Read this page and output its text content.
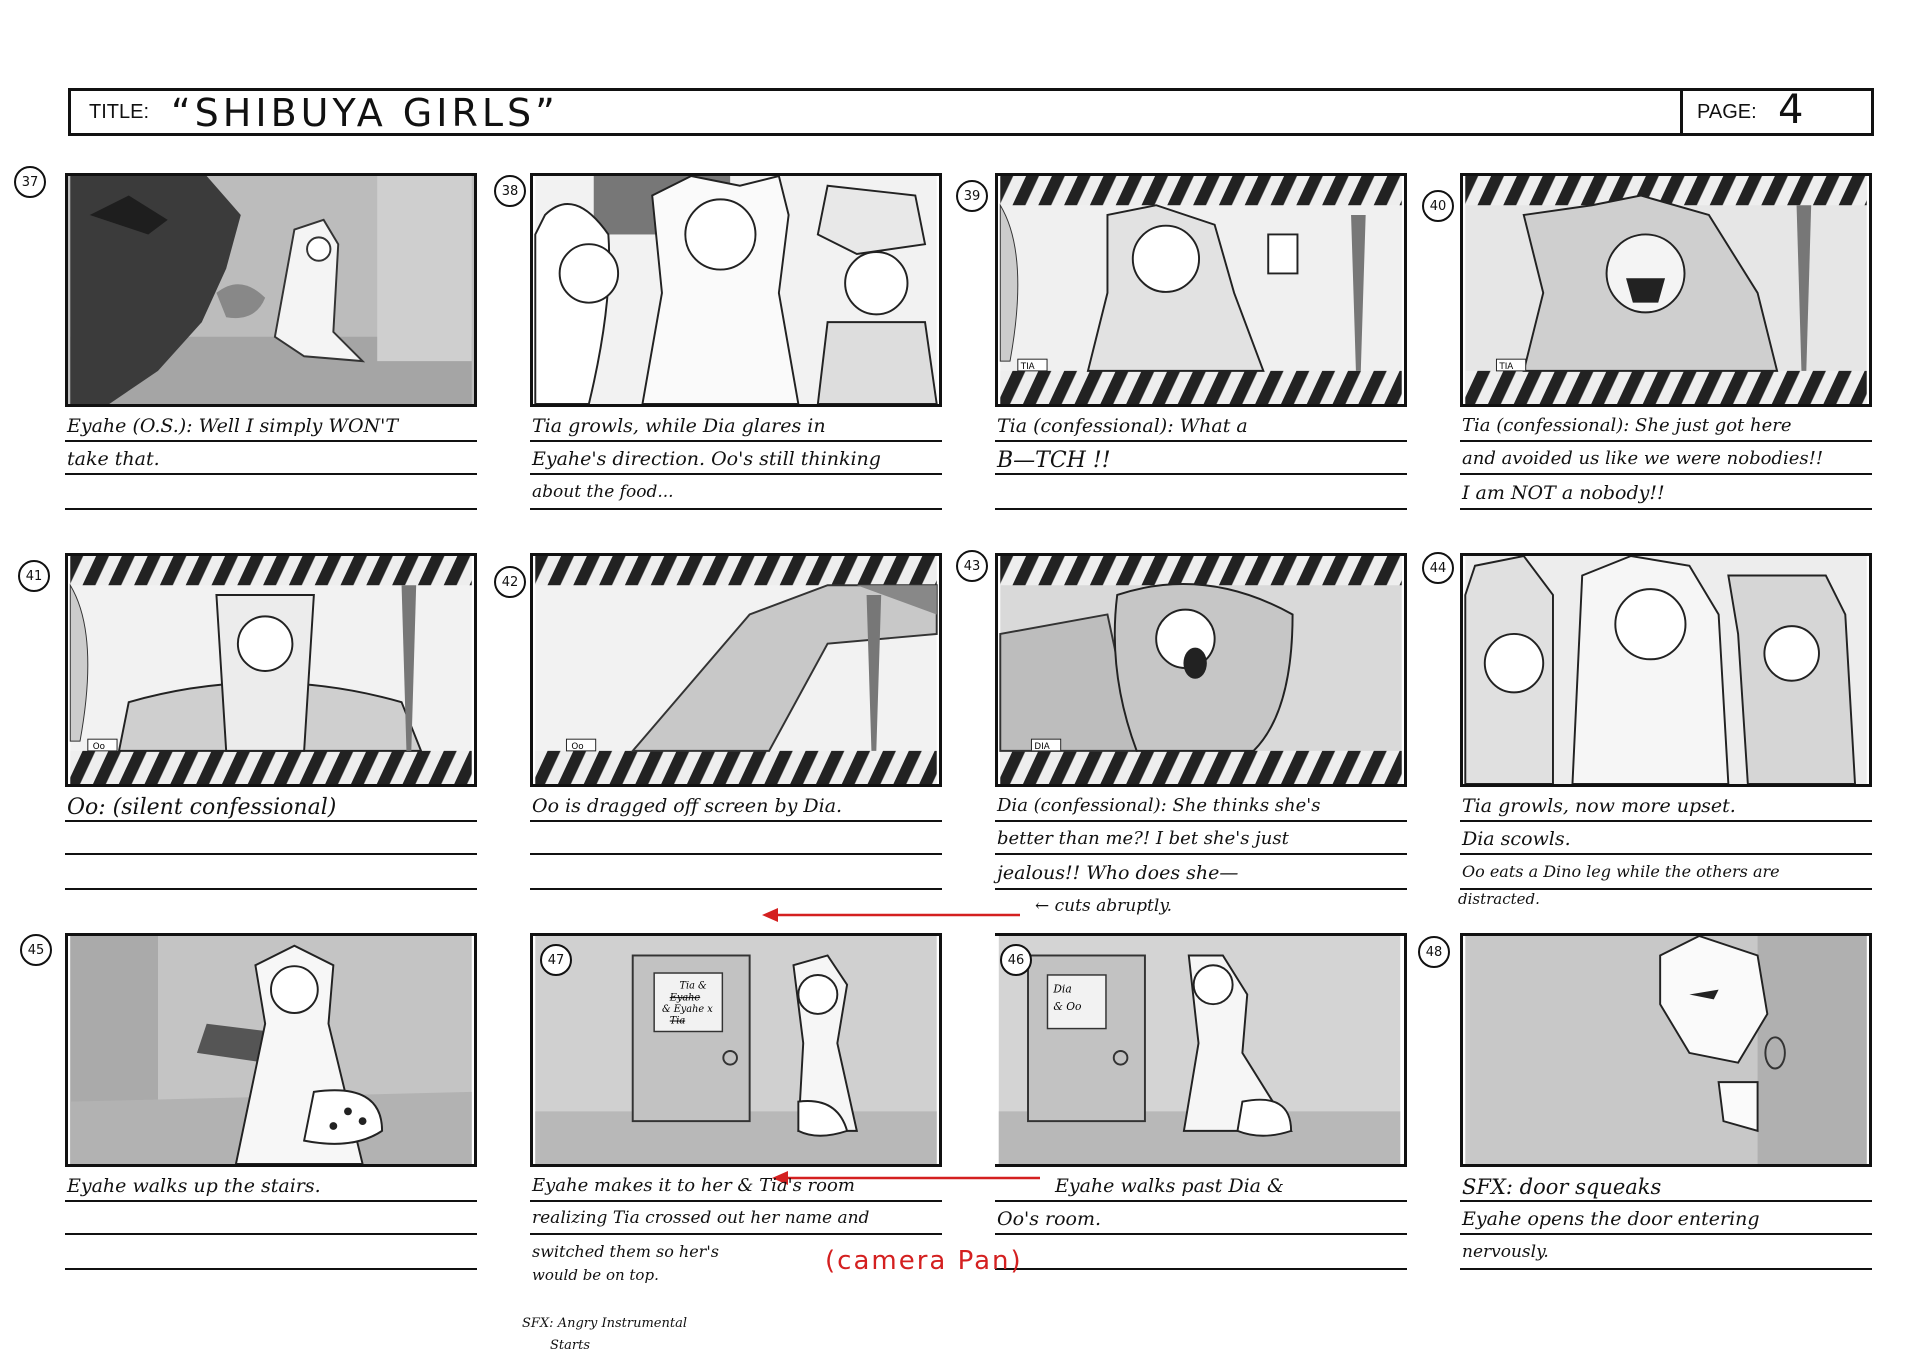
TITLE: “SHIBUYA GIRLS”	PAGE: 4
37
Eyahe (O.S.): Well I simply WON'T
take that.
38
Tia growls, while Dia glares in
Eyahe's direction. Oo's still thinking
about the food...
39
TIA
Tia (confessional): What a
B—TCH !!
40
TIA
Tia (confessional): She just got here
and avoided us like we were nobodies!!
I am NOT a nobody!!
41
Oo
Oo: (silent confessional)
42
Oo
Oo is dragged off screen by Dia.
43
DIA
Dia (confessional): She thinks she's
better than me?! I bet she's just
jealous!! Who does she—
← cuts abruptly.
44
Tia growls, now more upset.
Dia scowls.
Oo eats a Dino leg while the others are
distracted.
45
Eyahe walks up the stairs.
Tia &
Eyahe
& Eyahe x
Tia
47
Dia
& Oo
46
Eyahe makes it to her & Tia's room
realizing Tia crossed out her name and
switched them so her's
would be on top.
Eyahe walks past Dia &
Oo's room.
(camera Pan)
SFX: Angry Instrumental
Starts
48
SFX: door squeaks
Eyahe opens the door entering
nervously.
